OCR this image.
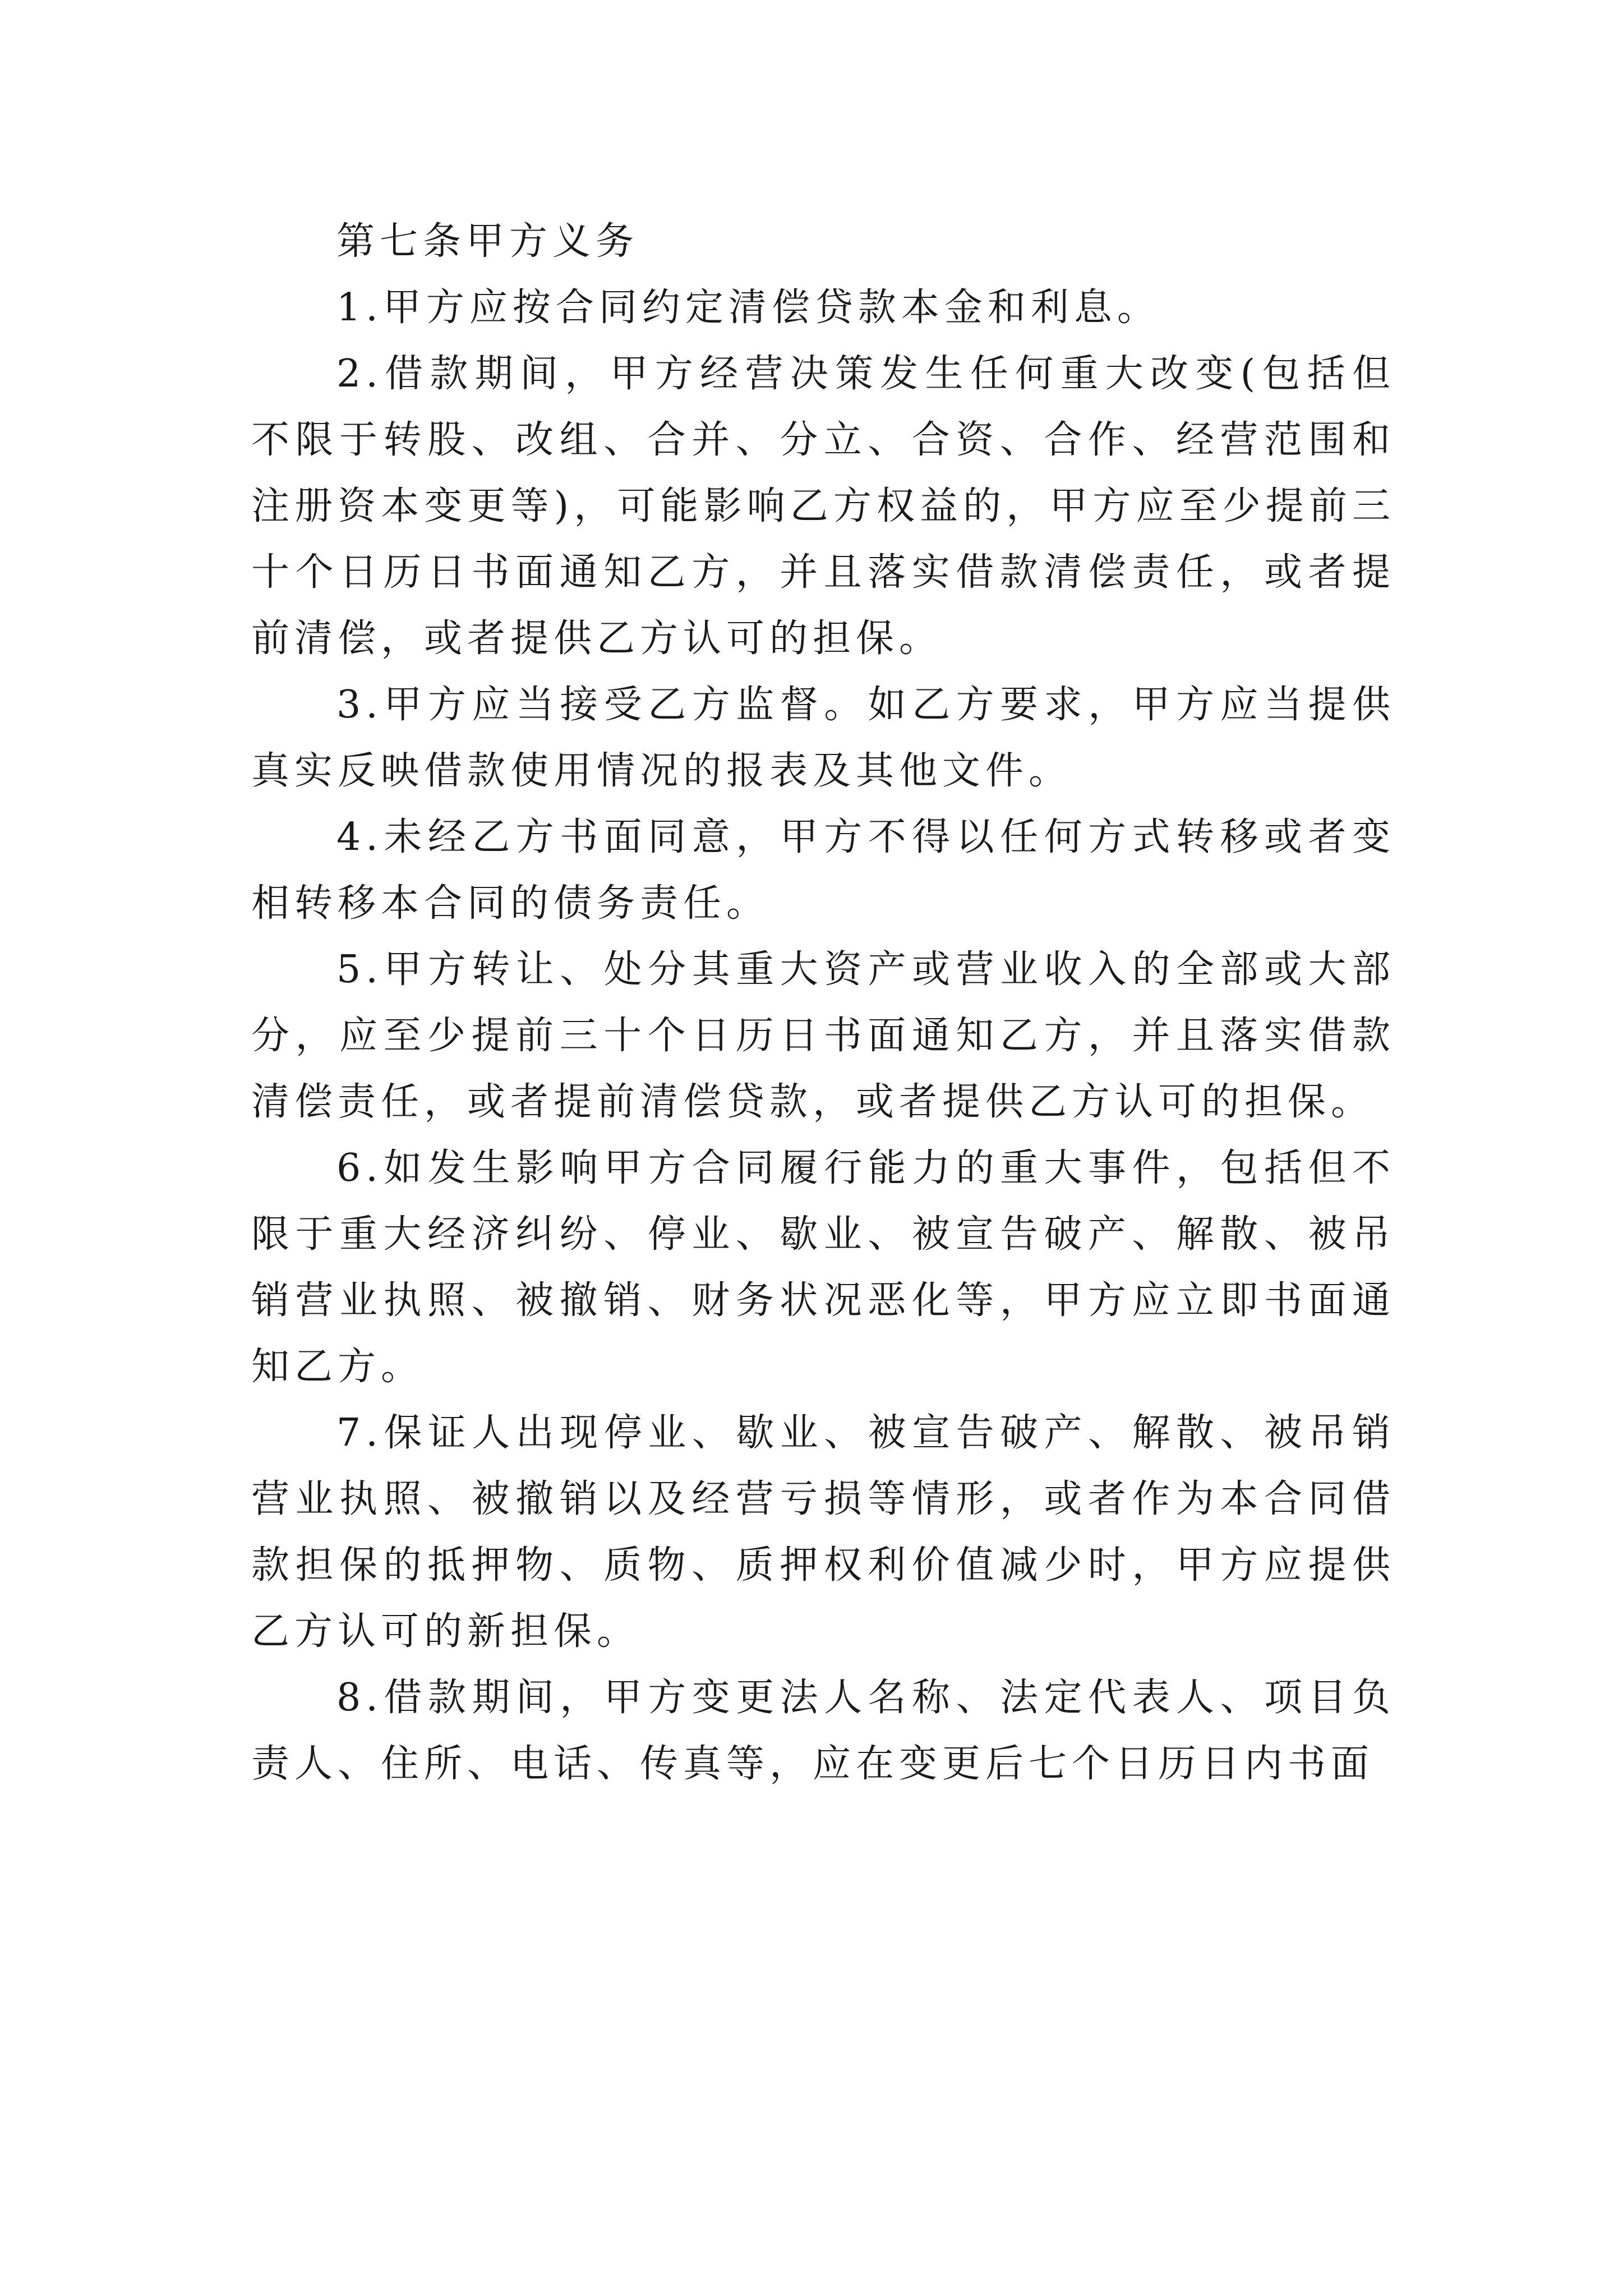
第七条甲方义务

1.甲方应按合同约定清偿贷款本金和利息。

2.借款期间，甲方经营决策发生任何重大改变(包括但不限于转股、改组、合并、分立、合资、合作、经营范围和注册资本变更等)，可能影响乙方权益的，甲方应至少提前三十个日历日书面通知乙方，并且落实借款清偿责任，或者提前清偿，或者提供乙方认可的担保。

3.甲方应当接受乙方监督。如乙方要求，甲方应当提供真实反映借款使用情况的报表及其他文件。

4.未经乙方书面同意，甲方不得以任何方式转移或者变相转移本合同的债务责任。

5.甲方转让、处分其重大资产或营业收入的全部或大部分，应至少提前三十个日历日书面通知乙方，并且落实借款清偿责任，或者提前清偿贷款，或者提供乙方认可的担保。

6.如发生影响甲方合同履行能力的重大事件，包括但不限于重大经济纠纷、停业、歇业、被宣告破产、解散、被吊销营业执照、被撤销、财务状况恶化等，甲方应立即书面通知乙方。

7.保证人出现停业、歇业、被宣告破产、解散、被吊销营业执照、被撤销以及经营亏损等情形，或者作为本合同借款担保的抵押物、质物、质押权利价值减少时，甲方应提供乙方认可的新担保。

8.借款期间，甲方变更法人名称、法定代表人、项目负责人、住所、电话、传真等，应在变更后七个日历日内书面
